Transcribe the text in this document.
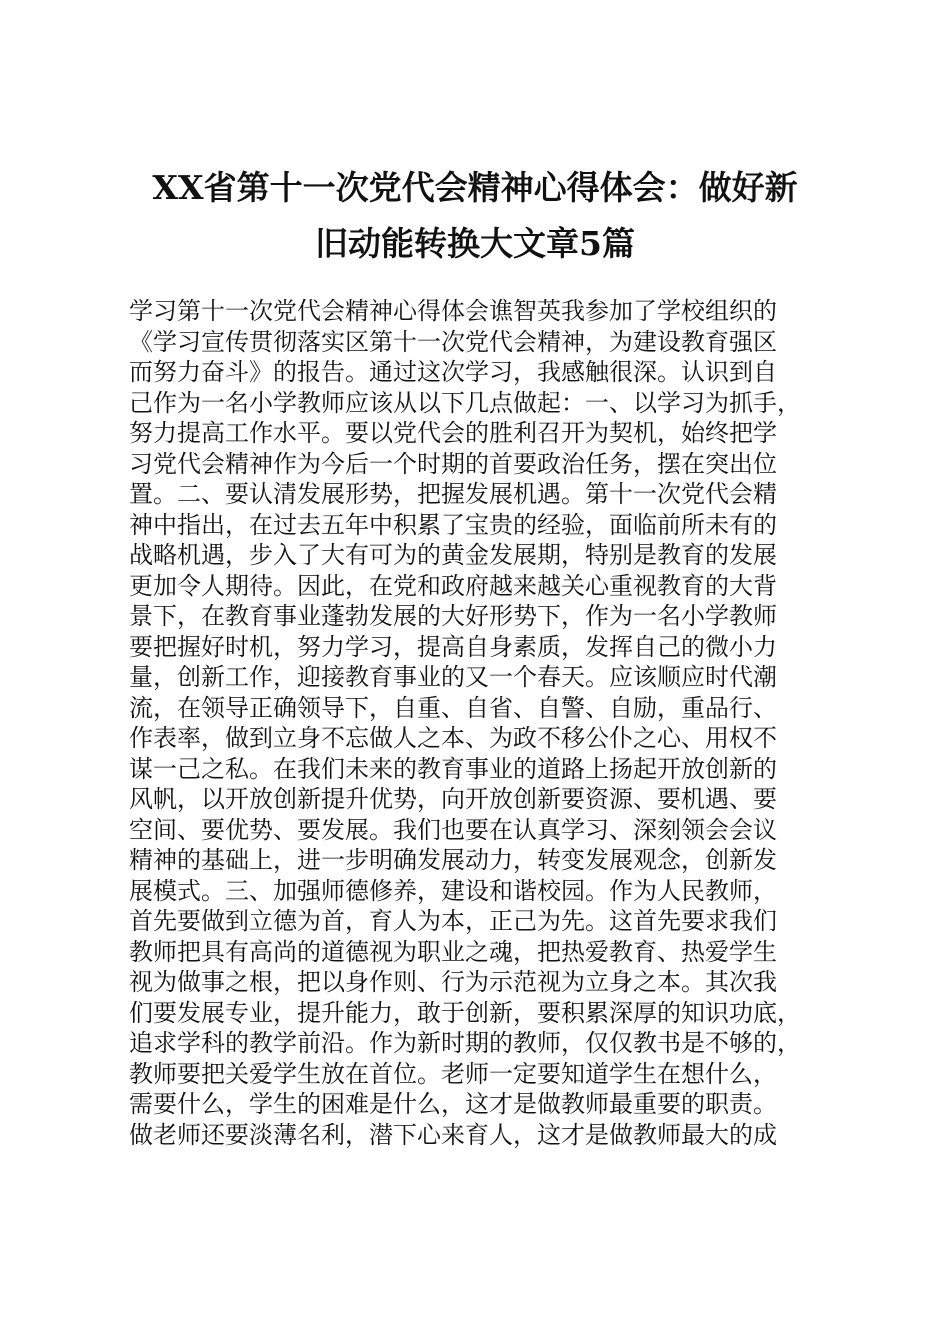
XX省第十一次党代会精神心得体会：做好新
旧动能转换大文章5篇
学习第十一次党代会精神心得体会谯智英我参加了学校组织的
《学习宣传贯彻落实区第十一次党代会精神，为建设教育强区
而努力奋斗》的报告。通过这次学习，我感触很深。认识到自
己作为一名小学教师应该从以下几点做起：一、以学习为抓手，
努力提高工作水平。要以党代会的胜利召开为契机，始终把学
习党代会精神作为今后一个时期的首要政治任务，摆在突出位
置。二、要认清发展形势，把握发展机遇。第十一次党代会精
神中指出，在过去五年中积累了宝贵的经验，面临前所未有的
战略机遇，步入了大有可为的黄金发展期，特别是教育的发展
更加令人期待。因此，在党和政府越来越关心重视教育的大背
景下，在教育事业蓬勃发展的大好形势下，作为一名小学教师
要把握好时机，努力学习，提高自身素质，发挥自己的微小力
量，创新工作，迎接教育事业的又一个春天。应该顺应时代潮
流，在领导正确领导下，自重、自省、自警、自励，重品行、
作表率，做到立身不忘做人之本、为政不移公仆之心、用权不
谋一己之私。在我们未来的教育事业的道路上扬起开放创新的
风帆，以开放创新提升优势，向开放创新要资源、要机遇、要
空间、要优势、要发展。我们也要在认真学习、深刻领会会议
精神的基础上，进一步明确发展动力，转变发展观念，创新发
展模式。三、加强师德修养，建设和谐校园。作为人民教师，
首先要做到立德为首，育人为本，正己为先。这首先要求我们
教师把具有高尚的道德视为职业之魂，把热爱教育、热爱学生
视为做事之根，把以身作则、行为示范视为立身之本。其次我
们要发展专业，提升能力，敢于创新，要积累深厚的知识功底，
追求学科的教学前沿。作为新时期的教师，仅仅教书是不够的，
教师要把关爱学生放在首位。老师一定要知道学生在想什么，
需要什么，学生的困难是什么，这才是做教师最重要的职责。
做老师还要淡薄名利，潜下心来育人，这才是做教师最大的成
